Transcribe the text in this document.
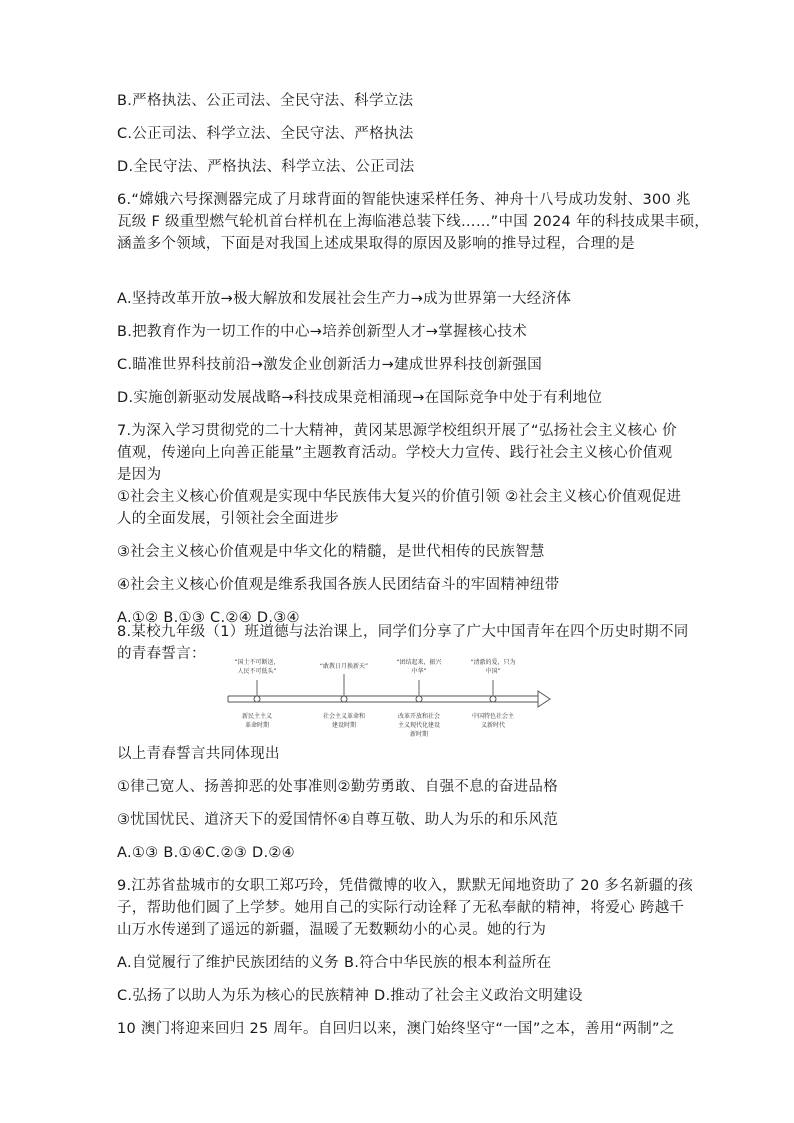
B.严格执法、公正司法、全民守法、科学立法
C.公正司法、科学立法、全民守法、严格执法
D.全民守法、严格执法、科学立法、公正司法
6.“嫦娥六号探测器完成了月球背面的智能快速采样任务、神舟十八号成功发射、300 兆
瓦级 F 级重型燃气轮机首台样机在上海临港总装下线……”中国 2024 年的科技成果丰硕，
涵盖多个领域，下面是对我国上述成果取得的原因及影响的推导过程，合理的是
A.坚持改革开放→极大解放和发展社会生产力→成为世界第一大经济体
B.把教育作为一切工作的中心→培养创新型人才→掌握核心技术
C.瞄准世界科技前沿→激发企业创新活力→建成世界科技创新强国
D.实施创新驱动发展战略→科技成果竞相涌现→在国际竞争中处于有利地位
7.为深入学习贯彻党的二十大精神，黄冈某思源学校组织开展了“弘扬社会主义核心 价
值观，传递向上向善正能量”主题教育活动。学校大力宣传、践行社会主义核心价值观
是因为
①社会主义核心价值观是实现中华民族伟大复兴的价值引领 ②社会主义核心价值观促进
人的全面发展，引领社会全面进步
③社会主义核心价值观是中华文化的精髓，是世代相传的民族智慧
④社会主义核心价值观是维系我国各族人民团结奋斗的牢固精神纽带
A.①② B.①③ C.②④ D.③④
8.某校九年级（1）班道德与法治课上，同学们分享了广大中国青年在四个历史时期不同
的青春誓言：
“国土不可断送，
人民不可低头”
新民主主义
革命时期
“敢教日月换新天”
社会主义革命和
建设时期
“团结起来，振兴
中华”
改革开放和社会
主义现代化建设
新时期
“清澈的爱，只为
中国”
中国特色社会主
义新时代
以上青春誓言共同体现出
①律己宽人、扬善抑恶的处事准则②勤劳勇敢、自强不息的奋进品格
③忧国忧民、道济天下的爱国情怀④自尊互敬、助人为乐的和乐风范
A.①③ B.①④C.②③ D.②④
9.江苏省盐城市的女职工郑巧玲，凭借微博的收入，默默无闻地资助了 20 多名新疆的孩
子，帮助他们圆了上学梦。她用自己的实际行动诠释了无私奉献的精神，将爱心 跨越千
山万水传递到了遥远的新疆，温暖了无数颗幼小的心灵。她的行为
A.自觉履行了维护民族团结的义务 B.符合中华民族的根本利益所在
C.弘扬了以助人为乐为核心的民族精神 D.推动了社会主义政治文明建设
10 澳门将迎来回归 25 周年。自回归以来，澳门始终坚守“一国”之本，善用“两制”之
